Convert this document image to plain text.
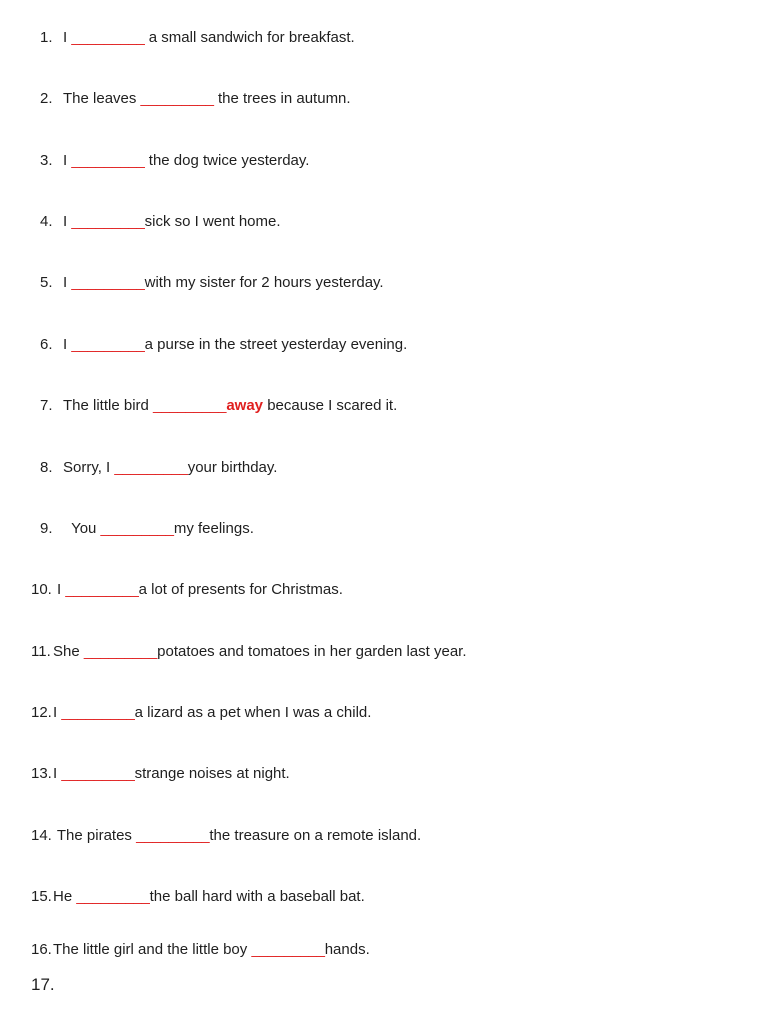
1. I _________ a small sandwich for breakfast.
2. The leaves _________ the trees in autumn.
3. I _________ the dog twice yesterday.
4. I _________sick so I went home.
5. I _________with my sister for 2 hours yesterday.
6. I _________a purse in the street yesterday evening.
7. The little bird _________away because I scared it.
8. Sorry, I _________your birthday.
9.  You _________my feelings.
10. I _________a lot of presents for Christmas.
11. She _________potatoes and tomatoes in her garden last year.
12.I _________a lizard as a pet when I was a child.
13.I _________strange noises at night.
14. The pirates _________the treasure on a remote island.
15.He _________the ball hard with a baseball bat.
16.The little girl and the little boy _________hands.
17.
